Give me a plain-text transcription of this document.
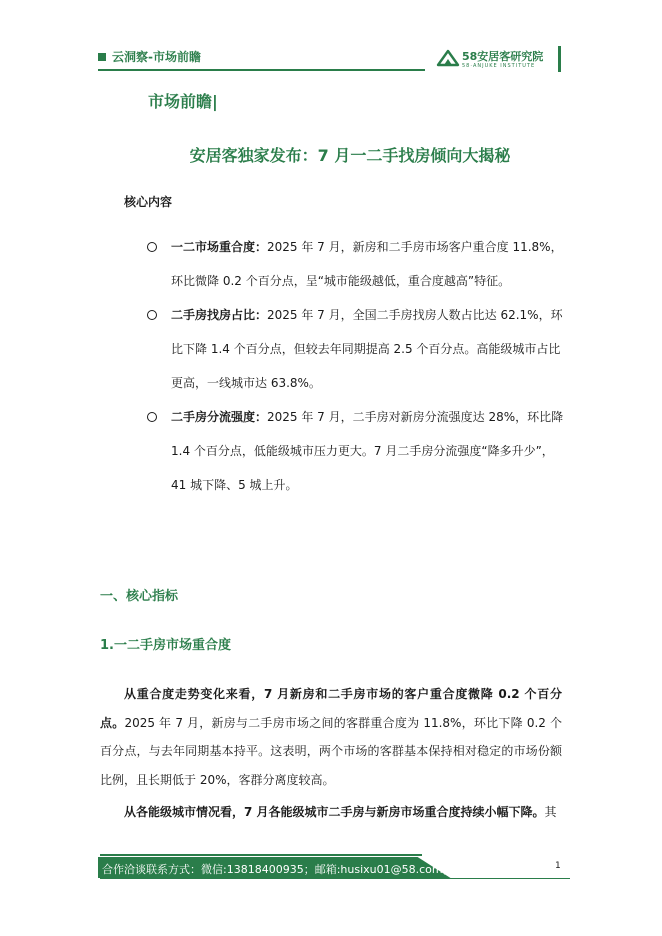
云洞察-市场前瞻	58安居客研究院
58·ANJUKE INSTITUTE
市场前瞻|
安居客独家发布：7 月一二手找房倾向大揭秘
核心内容
一二市场重合度：2025 年 7 月，新房和二手房市场客户重合度 11.8%，环比微降 0.2 个百分点，呈“城市能级越低，重合度越高”特征。
二手房找房占比：2025 年 7 月，全国二手房找房人数占比达 62.1%，环比下降 1.4 个百分点，但较去年同期提高 2.5 个百分点。高能级城市占比更高，一线城市达 63.8%。
二手房分流强度：2025 年 7 月，二手房对新房分流强度达 28%，环比降 1.4 个百分点，低能级城市压力更大。7 月二手房分流强度“降多升少”，41 城下降、5 城上升。
一、核心指标
1.一二手房市场重合度

从重合度走势变化来看，7 月新房和二手房市场的客户重合度微降 0.2 个百分点。2025 年 7 月，新房与二手房市场之间的客群重合度为 11.8%，环比下降 0.2 个百分点，与去年同期基本持平。这表明，两个市场的客群基本保持相对稳定的市场份额比例，且长期低于 20%，客群分离度较高。

从各能级城市情况看，7 月各能级城市二手房与新房市场重合度持续小幅下降。其

合作洽谈联系方式：微信:13818400935；邮箱:husixu01@58.com；	1
